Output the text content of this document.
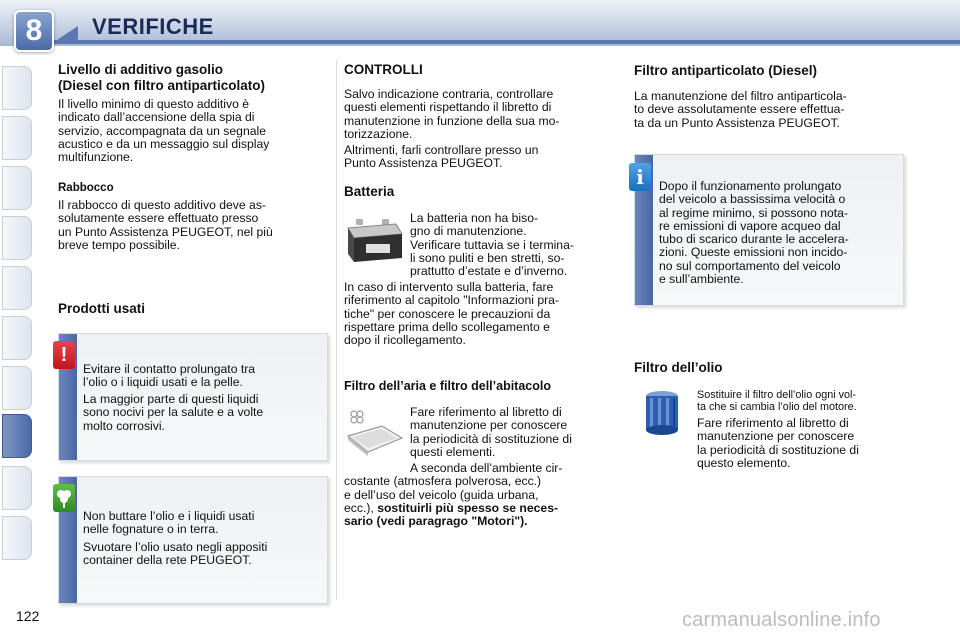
8	VERIFICHE
Livello di additivo gasolio
(Diesel con filtro antiparticolato)
Il livello minimo di questo additivo è
indicato dall’accensione della spia di
servizio, accompagnata da un segnale
acustico e da un messaggio sul display
multifunzione.
Rabbocco
Il rabbocco di questo additivo deve as-
solutamente essere effettuato presso
un Punto Assistenza PEUGEOT, nel più
breve tempo possibile.
Prodotti usati
!
Evitare il contatto prolungato tra
l’olio o i liquidi usati e la pelle.
La maggior parte di questi liquidi
sono nocivi per la salute e a volte
molto corrosivi.
Non buttare l’olio e i liquidi usati
nelle fognature o in terra.
Svuotare l’olio usato negli appositi
container della rete PEUGEOT.
CONTROLLI
Salvo indicazione contraria, controllare
questi elementi rispettando il libretto di
manutenzione in funzione della sua mo-
torizzazione.
Altrimenti, farli controllare presso un
Punto Assistenza PEUGEOT.
Batteria
La batteria non ha biso-
gno di manutenzione.
Verificare tuttavia se i termina-
li sono puliti e ben stretti, so-
prattutto d’estate e d’inverno.
In caso di intervento sulla batteria, fare
riferimento al capitolo "Informazioni pra-
tiche" per conoscere le precauzioni da
rispettare prima dello scollegamento e
dopo il ricollegamento.
Filtro dell’aria e filtro dell’abitacolo
Fare riferimento al libretto di
manutenzione per conoscere
la periodicità di sostituzione di
questi elementi.
A seconda dell’ambiente cir-
costante (atmosfera polverosa, ecc.)
e dell’uso del veicolo (guida urbana,
ecc.), sostituirli più spesso se neces-
sario (vedi paragrago "Motori").
Filtro antiparticolato (Diesel)
La manutenzione del filtro antiparticola-
to deve assolutamente essere effettua-
ta da un Punto Assistenza PEUGEOT.
i	Dopo il funzionamento prolungato
del veicolo a bassissima velocità o
al regime minimo, si possono nota-
re emissioni di vapore acqueo dal
tubo di scarico durante le accelera-
zioni. Queste emissioni non incido-
no sul comportamento del veicolo
e sull’ambiente.
Filtro dell’olio
Sostituire il filtro dell’olio ogni vol-
ta che si cambia l’olio del motore.
Fare riferimento al libretto di
manutenzione per conoscere
la periodicità di sostituzione di
questo elemento.
122	carmanualsonline.info
